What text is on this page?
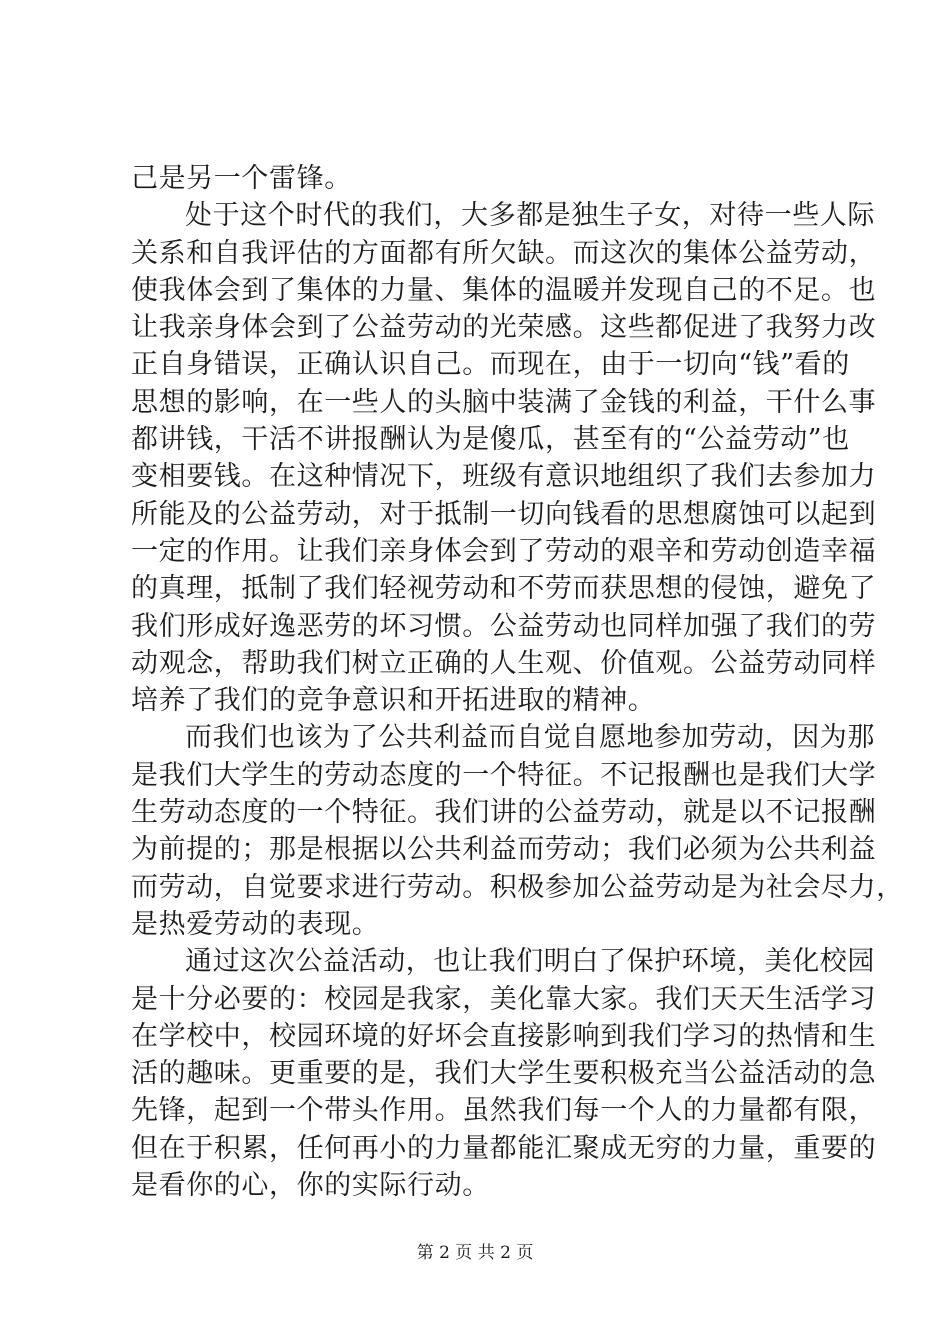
己是另一个雷锋。
处于这个时代的我们，大多都是独生子女，对待一些人际
关系和自我评估的方面都有所欠缺。而这次的集体公益劳动，
使我体会到了集体的力量、集体的温暖并发现自己的不足。也
让我亲身体会到了公益劳动的光荣感。这些都促进了我努力改
正自身错误，正确认识自己。而现在，由于一切向“钱”看的
思想的影响，在一些人的头脑中装满了金钱的利益，干什么事
都讲钱，干活不讲报酬认为是傻瓜，甚至有的“公益劳动”也
变相要钱。在这种情况下，班级有意识地组织了我们去参加力
所能及的公益劳动，对于抵制一切向钱看的思想腐蚀可以起到
一定的作用。让我们亲身体会到了劳动的艰辛和劳动创造幸福
的真理，抵制了我们轻视劳动和不劳而获思想的侵蚀，避免了
我们形成好逸恶劳的坏习惯。公益劳动也同样加强了我们的劳
动观念，帮助我们树立正确的人生观、价值观。公益劳动同样
培养了我们的竞争意识和开拓进取的精神。
而我们也该为了公共利益而自觉自愿地参加劳动，因为那
是我们大学生的劳动态度的一个特征。不记报酬也是我们大学
生劳动态度的一个特征。我们讲的公益劳动，就是以不记报酬
为前提的；那是根据以公共利益而劳动；我们必须为公共利益
而劳动，自觉要求进行劳动。积极参加公益劳动是为社会尽力，
是热爱劳动的表现。
通过这次公益活动，也让我们明白了保护环境，美化校园
是十分必要的：校园是我家，美化靠大家。我们天天生活学习
在学校中，校园环境的好坏会直接影响到我们学习的热情和生
活的趣味。更重要的是，我们大学生要积极充当公益活动的急
先锋，起到一个带头作用。虽然我们每一个人的力量都有限，
但在于积累，任何再小的力量都能汇聚成无穷的力量，重要的
是看你的心，你的实际行动。
第 2 页 共 2 页
